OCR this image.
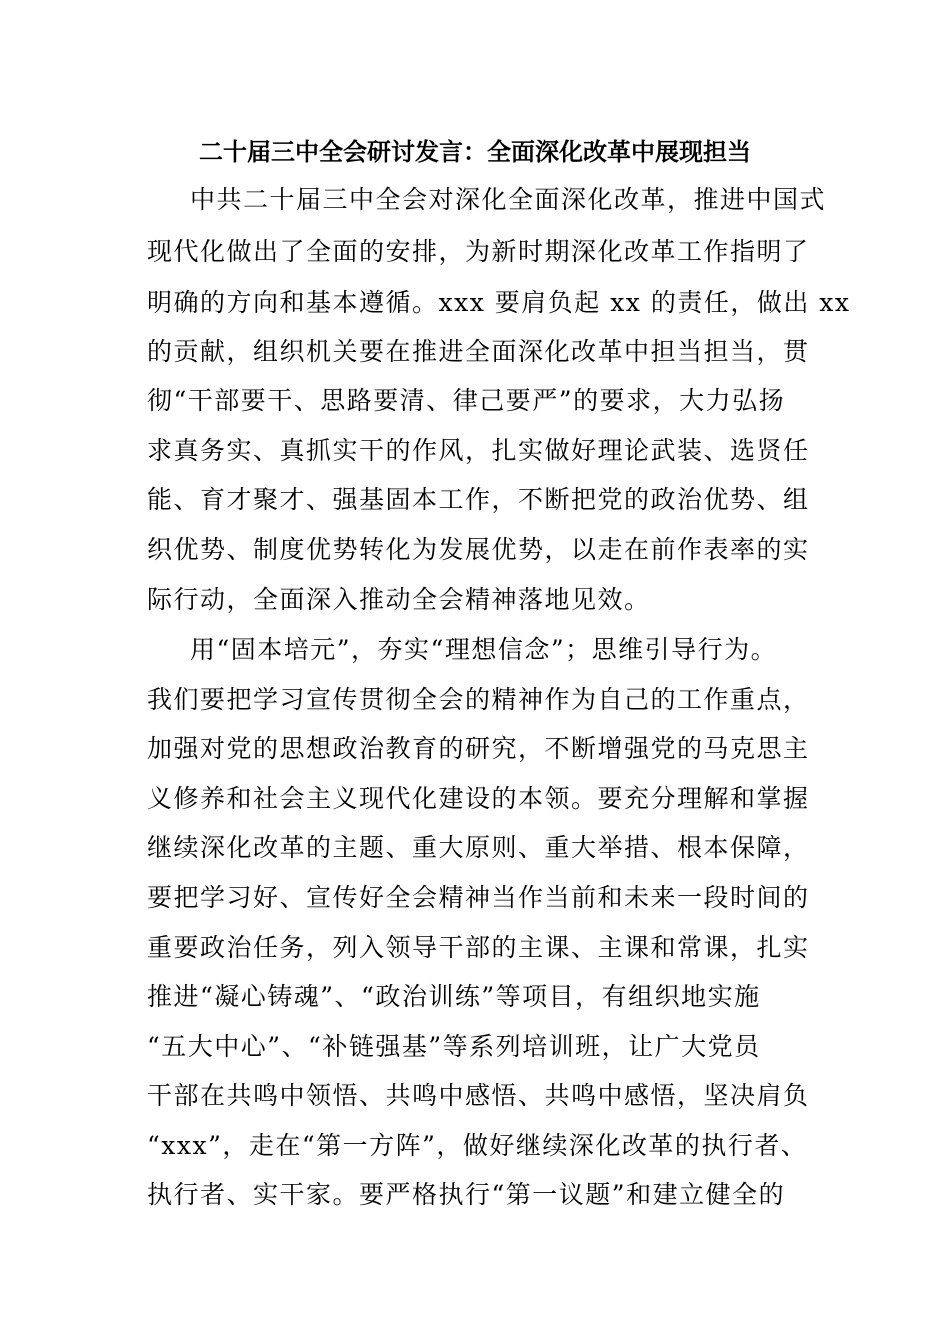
二十届三中全会研讨发言：全面深化改革中展现担当
中共二十届三中全会对深化全面深化改革，推进中国式
现代化做出了全面的安排，为新时期深化改革工作指明了
明确的方向和基本遵循。xxx 要肩负起 xx 的责任，做出 xx
的贡献，组织机关要在推进全面深化改革中担当担当，贯
彻“干部要干、思路要清、律己要严”的要求，大力弘扬
求真务实、真抓实干的作风，扎实做好理论武装、选贤任
能、育才聚才、强基固本工作，不断把党的政治优势、组
织优势、制度优势转化为发展优势，以走在前作表率的实
际行动，全面深入推动全会精神落地见效。
用“固本培元”，夯实“理想信念”；思维引导行为。
我们要把学习宣传贯彻全会的精神作为自己的工作重点，
加强对党的思想政治教育的研究，不断增强党的马克思主
义修养和社会主义现代化建设的本领。要充分理解和掌握
继续深化改革的主题、重大原则、重大举措、根本保障，
要把学习好、宣传好全会精神当作当前和未来一段时间的
重要政治任务，列入领导干部的主课、主课和常课，扎实
推进“凝心铸魂”、“政治训练”等项目，有组织地实施
“五大中心”、“补链强基”等系列培训班，让广大党员
干部在共鸣中领悟、共鸣中感悟、共鸣中感悟，坚决肩负
“xxx”，走在“第一方阵”，做好继续深化改革的执行者、
执行者、实干家。要严格执行“第一议题”和建立健全的
